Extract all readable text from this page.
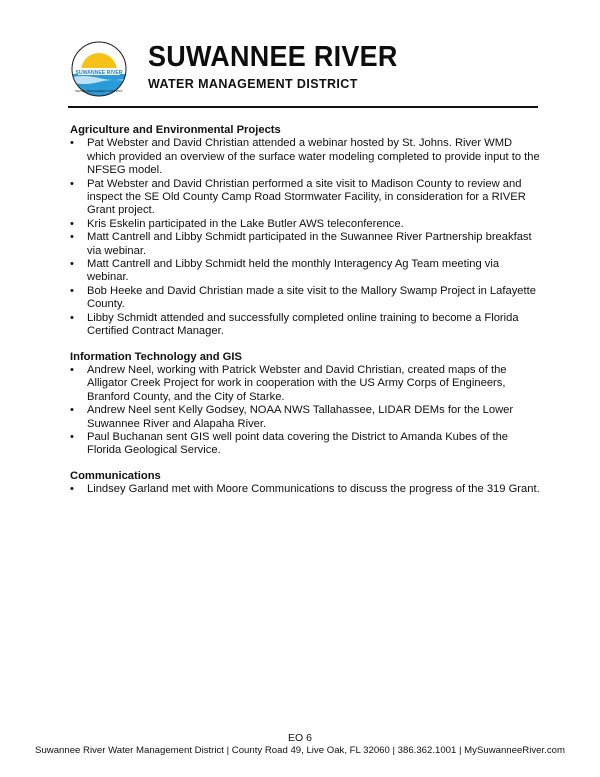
SUWANNEE RIVER
WATER MANAGEMENT DISTRICT
SUWANNEE RIVER
WATER MANAGEMENT DISTRICT
Agriculture and Environmental Projects
• Pat Webster and David Christian attended a webinar hosted by St. Johns. River WMD which provided an overview of the surface water modeling completed to provide input to the NFSEG model.
• Pat Webster and David Christian performed a site visit to Madison County to review and inspect the SE Old County Camp Road Stormwater Facility, in consideration for a RIVER Grant project.
• Kris Eskelin participated in the Lake Butler AWS teleconference.
• Matt Cantrell and Libby Schmidt participated in the Suwannee River Partnership breakfast via webinar.
• Matt Cantrell and Libby Schmidt held the monthly Interagency Ag Team meeting via webinar.
• Bob Heeke and David Christian made a site visit to the Mallory Swamp Project in Lafayette County.
• Libby Schmidt attended and successfully completed online training to become a Florida Certified Contract Manager.
Information Technology and GIS
• Andrew Neel, working with Patrick Webster and David Christian, created maps of the Alligator Creek Project for work in cooperation with the US Army Corps of Engineers, Branford County, and the City of Starke.
• Andrew Neel sent Kelly Godsey, NOAA NWS Tallahassee, LIDAR DEMs for the Lower Suwannee River and Alapaha River.
• Paul Buchanan sent GIS well point data covering the District to Amanda Kubes of the Florida Geological Service.
Communications
• Lindsey Garland met with Moore Communications to discuss the progress of the 319 Grant.
EO 6
Suwannee River Water Management District | County Road 49, Live Oak, FL 32060 | 386.362.1001 | MySuwanneeRiver.com
